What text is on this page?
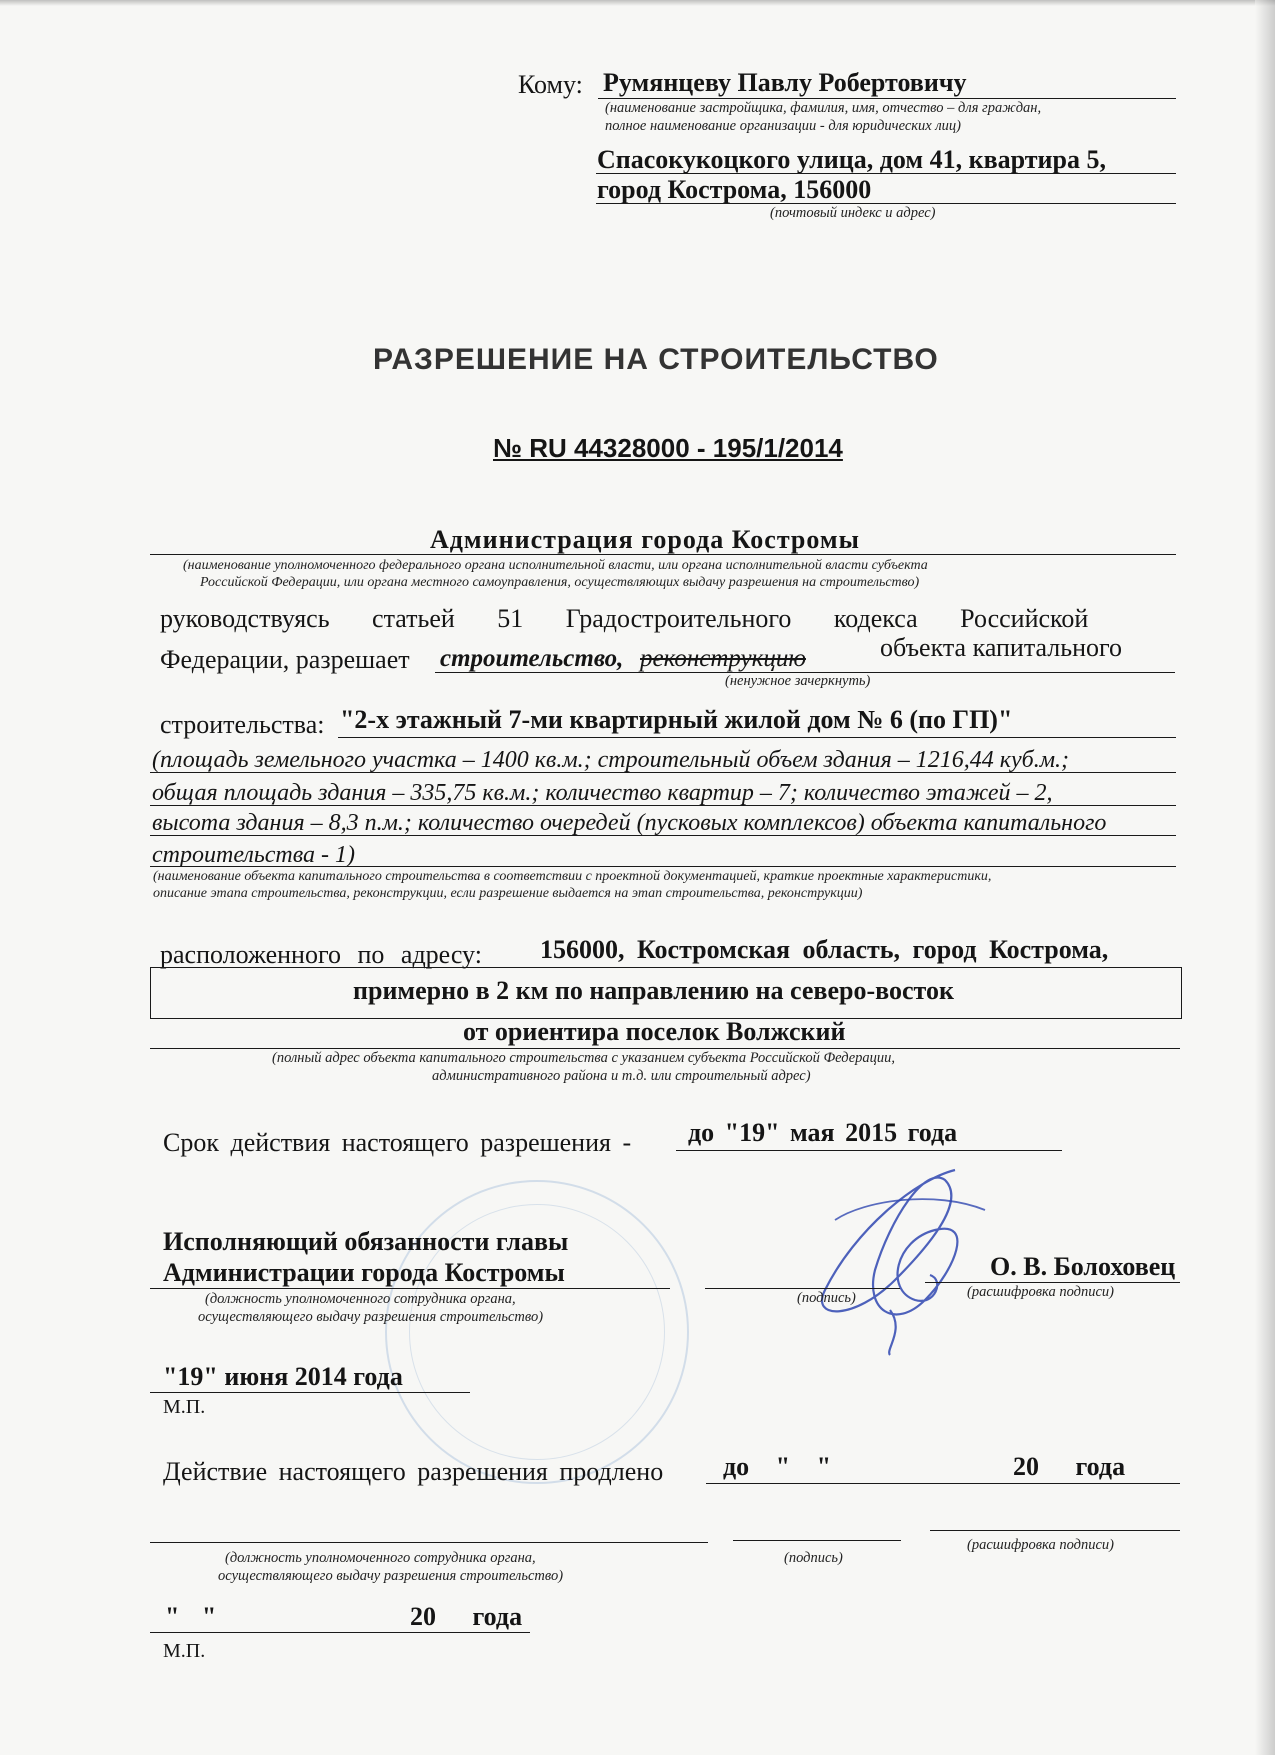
Кому: Румянцеву Павлу Робертовичу
(наименование застройщика, фамилия, имя, отчество – для граждан,
полное наименование организации - для юридических лиц)
Спасокукоцкого улица, дом 41, квартира 5,
город Кострома, 156000
(почтовый индекс и адрес)
РАЗРЕШЕНИЕ НА СТРОИТЕЛЬСТВО
№ RU 44328000 - 195/1/2014
Администрация города Костромы
(наименование уполномоченного федерального органа исполнительной власти, или органа исполнительной власти субъекта
Российской Федерации, или органа местного самоуправления, осуществляющих выдачу разрешения на строительство)
руководствуясь статьей 51 Градостроительного кодекса Российской
Федерации, разрешает строительство, реконструкцию	объекта капитального
(ненужное зачеркнуть)
строительства: "2-х этажный 7-ми квартирный жилой дом № 6 (по ГП)"
(площадь земельного участка – 1400 кв.м.; строительный объем здания – 1216,44 куб.м.;
общая площадь здания – 335,75 кв.м.; количество квартир – 7; количество этажей – 2,
высота здания – 8,3 п.м.; количество очередей (пусковых комплексов) объекта капитального
строительства - 1)
(наименование объекта капитального строительства в соответствии с проектной документацией, краткие проектные характеристики,
описание этапа строительства, реконструкции, если разрешение выдается на этап строительства, реконструкции)
расположенного по адресу: 156000, Костромская область, город Кострома,
примерно в 2 км по направлению на северо-восток
от ориентира поселок Волжский
(полный адрес объекта капитального строительства с указанием субъекта Российской Федерации,
административного района и т.д. или строительный адрес)
Срок действия настоящего разрешения - до "19" мая 2015 года
Исполняющий обязанности главы
Администрации города Костромы
(должность уполномоченного сотрудника органа,
осуществляющего выдачу разрешения строительство)
(подпись)
О. В. Болоховец
(расшифровка подписи)
"19" июня 2014 года
М.П.
Действие настоящего разрешения продлено до " "	20 года
(должность уполномоченного сотрудника органа,
осуществляющего выдачу разрешения строительство)
(подпись)
(расшифровка подписи)
" "	20 года
М.П.
